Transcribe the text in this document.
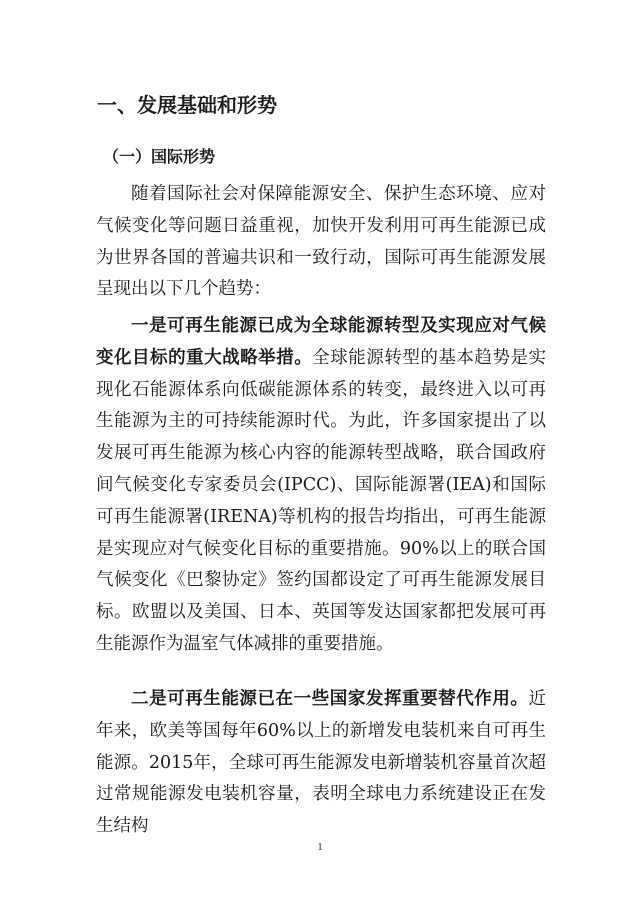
一、发展基础和形势
（一）国际形势

随着国际社会对保障能源安全、保护生态环境、应对气候变化等问题日益重视，加快开发利用可再生能源已成为世界各国的普遍共识和一致行动，国际可再生能源发展呈现出以下几个趋势：

一是可再生能源已成为全球能源转型及实现应对气候变化目标的重大战略举措。全球能源转型的基本趋势是实现化石能源体系向低碳能源体系的转变，最终进入以可再生能源为主的可持续能源时代。为此，许多国家提出了以发展可再生能源为核心内容的能源转型战略，联合国政府间气候变化专家委员会(IPCC)、国际能源署(IEA)和国际可再生能源署(IRENA)等机构的报告均指出，可再生能源是实现应对气候变化目标的重要措施。90%以上的联合国气候变化《巴黎协定》签约国都设定了可再生能源发展目标。欧盟以及美国、日本、英国等发达国家都把发展可再生能源作为温室气体减排的重要措施。

二是可再生能源已在一些国家发挥重要替代作用。近年来，欧美等国每年60%以上的新增发电装机来自可再生能源。2015年，全球可再生能源发电新增装机容量首次超过常规能源发电装机容量，表明全球电力系统建设正在发生结构

1
